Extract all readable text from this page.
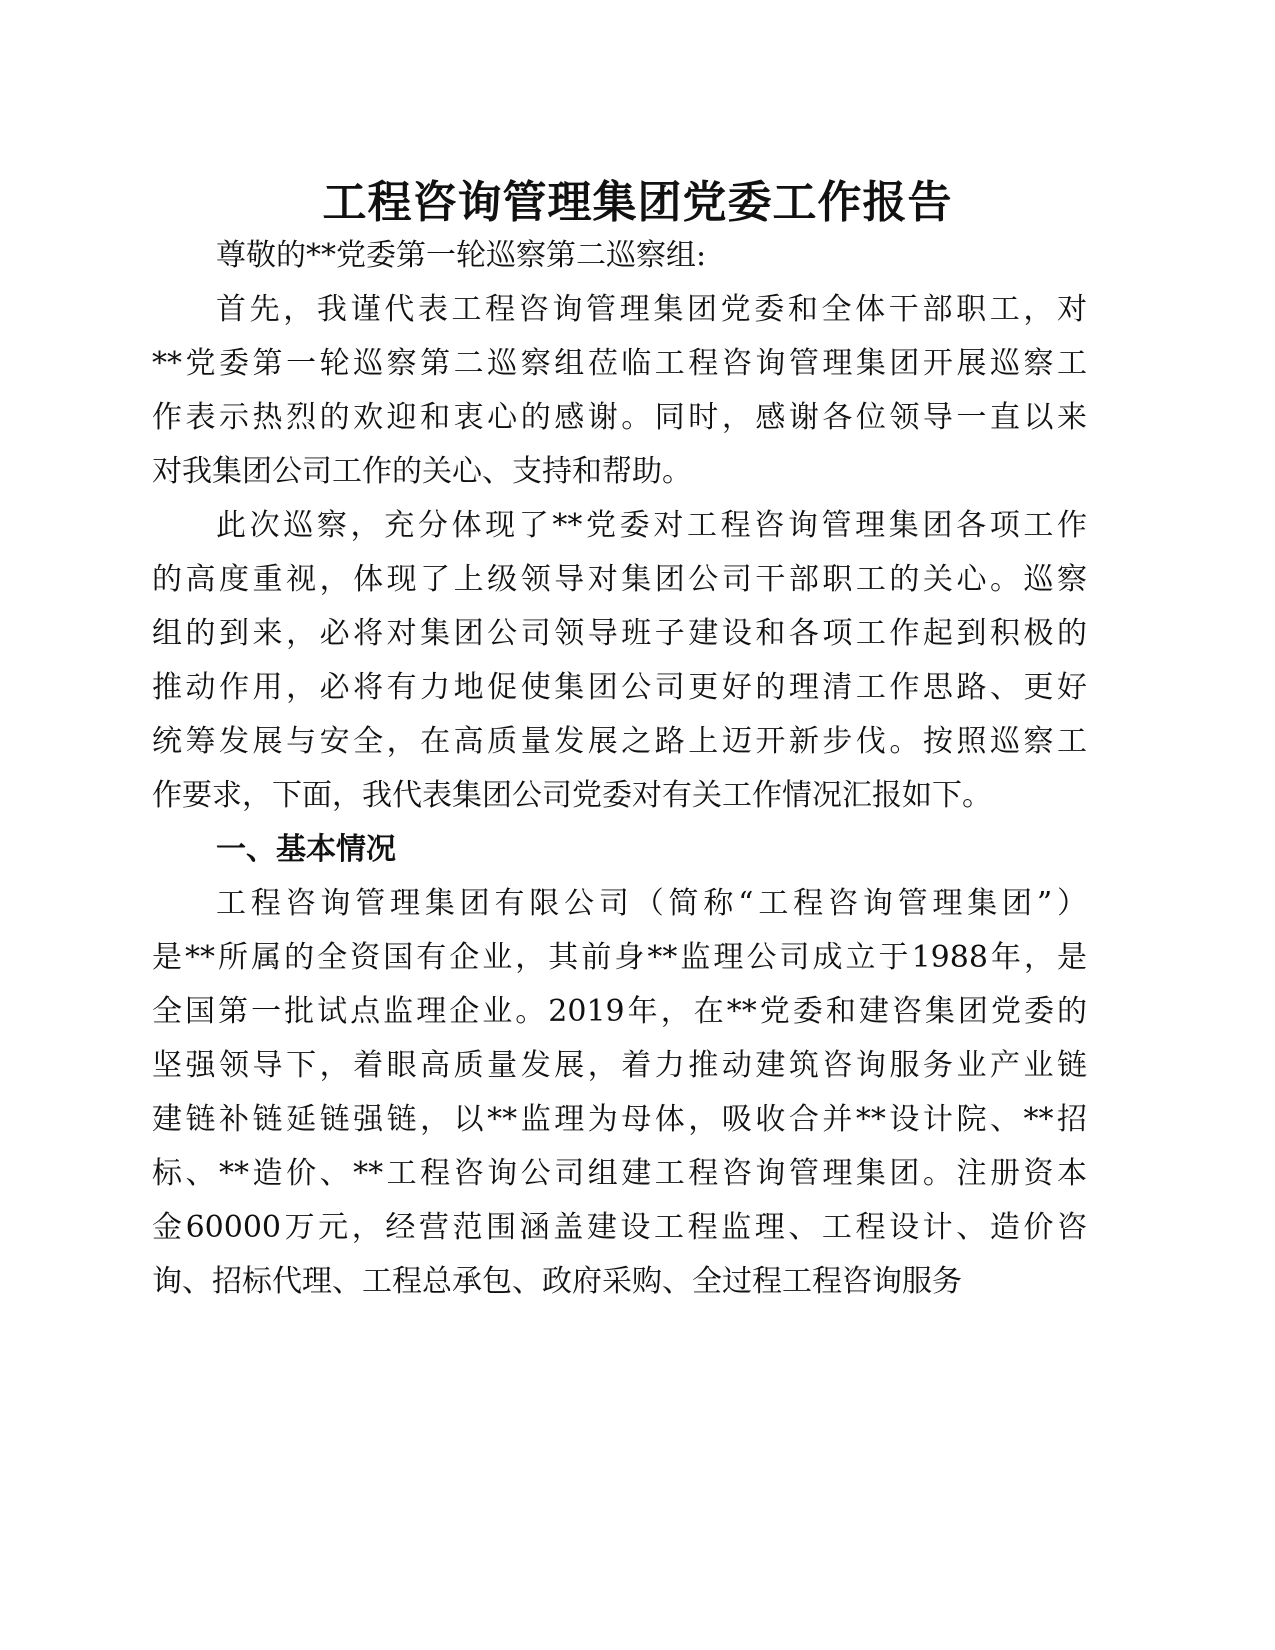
工程咨询管理集团党委工作报告
尊敬的**党委第一轮巡察第二巡察组:
首先，我谨代表工程咨询管理集团党委和全体干部职工，对
**党委第一轮巡察第二巡察组莅临工程咨询管理集团开展巡察工
作表示热烈的欢迎和衷心的感谢。同时，感谢各位领导一直以来
对我集团公司工作的关心、支持和帮助。
此次巡察，充分体现了**党委对工程咨询管理集团各项工作
的高度重视，体现了上级领导对集团公司干部职工的关心。巡察
组的到来，必将对集团公司领导班子建设和各项工作起到积极的
推动作用，必将有力地促使集团公司更好的理清工作思路、更好
统筹发展与安全，在高质量发展之路上迈开新步伐。按照巡察工
作要求，下面，我代表集团公司党委对有关工作情况汇报如下。
一、基本情况
工程咨询管理集团有限公司（简称“工程咨询管理集团”）
是**所属的全资国有企业，其前身**监理公司成立于1988年，是
全国第一批试点监理企业。2019年，在**党委和建咨集团党委的
坚强领导下，着眼高质量发展，着力推动建筑咨询服务业产业链
建链补链延链强链，以**监理为母体，吸收合并**设计院、**招
标、**造价、**工程咨询公司组建工程咨询管理集团。注册资本
金60000万元，经营范围涵盖建设工程监理、工程设计、造价咨
询、招标代理、工程总承包、政府采购、全过程工程咨询服务
